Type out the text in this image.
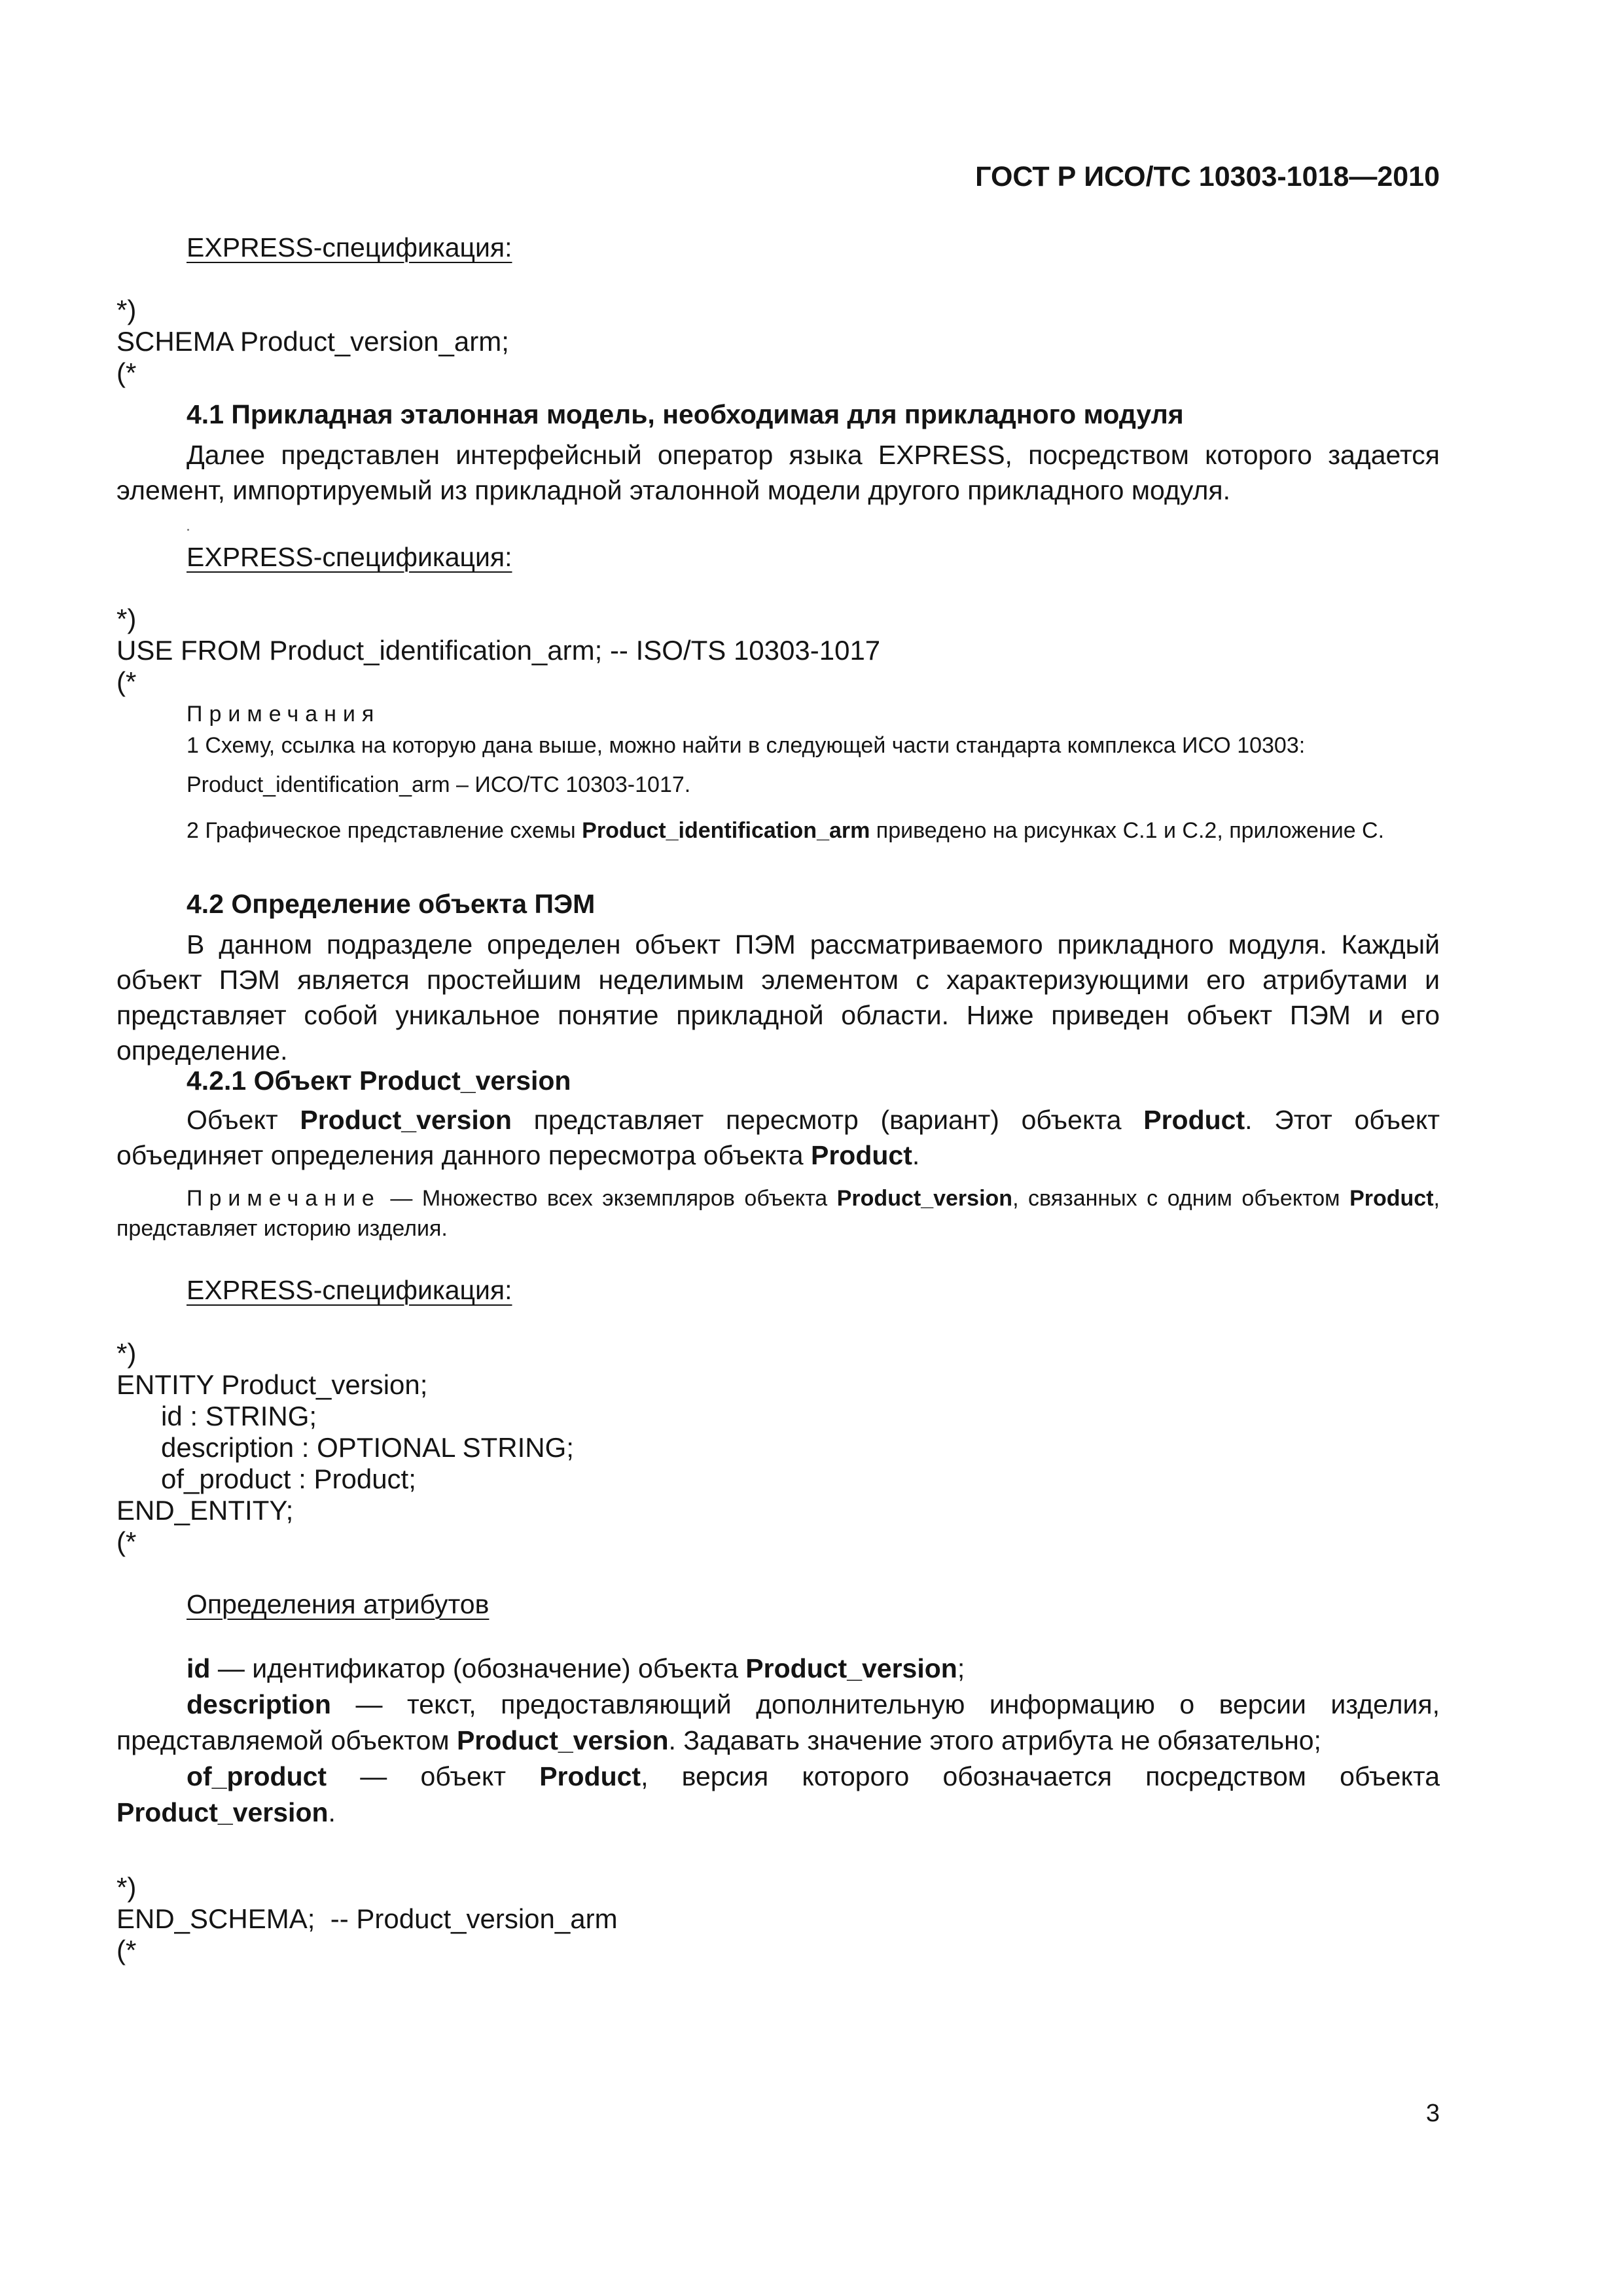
ГОСТ Р ИСО/ТС 10303-1018—2010
EXPRESS-спецификация:
*)
SCHEMA Product_version_arm;
(*
4.1 Прикладная эталонная модель, необходимая для прикладного модуля
Далее представлен интерфейсный оператор языка EXPRESS, посредством которого задается элемент, импортируемый из прикладной эталонной модели другого прикладного модуля.
EXPRESS-спецификация:
*)
USE FROM Product_identification_arm; -- ISO/TS 10303-1017
(*
Примечания
1 Схему, ссылка на которую дана выше, можно найти в следующей части стандарта комплекса ИСО 10303:
Product_identification_arm – ИСО/ТС 10303-1017.
2 Графическое представление схемы Product_identification_arm приведено на рисунках С.1 и С.2, приложение С.
4.2 Определение объекта ПЭМ
В данном подразделе определен объект ПЭМ рассматриваемого прикладного модуля. Каждый объект ПЭМ является простейшим неделимым элементом с характеризующими его атрибутами и представляет собой уникальное понятие прикладной области. Ниже приведен объект ПЭМ и его определение.
4.2.1 Объект Product_version
Объект Product_version представляет пересмотр (вариант) объекта Product. Этот объект объединяет определения данного пересмотра объекта Product.
Примечание — Множество всех экземпляров объекта Product_version, связанных с одним объектом Product, представляет историю изделия.
EXPRESS-спецификация:
*)
ENTITY Product_version;
id : STRING;
description : OPTIONAL STRING;
of_product : Product;
END_ENTITY;
(*
Определения атрибутов

id — идентификатор (обозначение) объекта Product_version;

description — текст, предоставляющий дополнительную информацию о версии изделия, представляемой объектом Product_version. Задавать значение этого атрибута не обязательно;

of_product — объект Product, версия которого обозначается посредством объекта Product_version.

*)
END_SCHEMA;  -- Product_version_arm
(*
3
